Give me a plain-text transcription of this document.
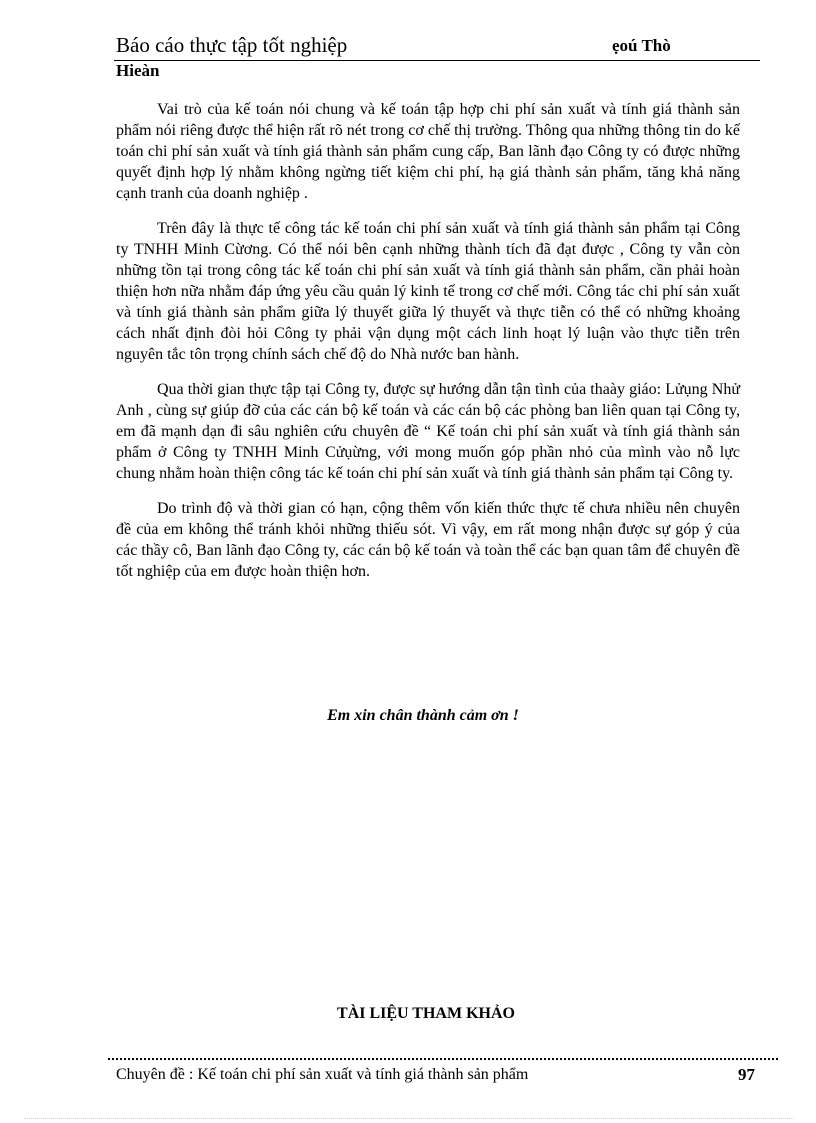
Báo cáo thực tập tốt nghiệp	ẹoú Thò
Hieàn

Vai trò của kế toán nói chung và kế toán tập hợp chi phí sản xuất và tính giá thành sản phẩm nói riêng được thể hiện rất rõ nét trong cơ chế thị trường. Thông qua những thông tin do kế toán chi phí sản xuất và tính giá thành sản phẩm cung cấp, Ban lãnh đạo Công ty có được những quyết định hợp lý nhằm không ngừng tiết kiệm chi phí, hạ giá thành sản phẩm, tăng khả năng cạnh tranh của doanh nghiệp .

Trên đây là thực tế công tác kế toán chi phí sản xuất và tính giá thành sản phẩm tại Công ty TNHH Minh Cừơng. Có thể nói bên cạnh những thành tích đã đạt được , Công ty vẫn còn những tồn tại trong công tác kế toán chi phí sản xuất và tính giá thành sản phẩm, cần phải hoàn thiện hơn nữa nhằm đáp ứng yêu cầu quản lý kinh tế trong cơ chế mới. Công tác chi phí sản xuất và tính giá thành sản phẩm giữa lý thuyết giữa lý thuyết và thực tiễn có thể có những khoảng cách nhất định đòi hỏi Công ty phải vận dụng một cách linh hoạt lý luận vào thực tiễn trên nguyên tắc tôn trọng chính sách chế độ do Nhà nước ban hành.

Qua thời gian thực tập tại Công ty, được sự hướng dẫn tận tình của thaày giáo: Lửụng Nhử Anh , cùng sự giúp đỡ của các cán bộ kế toán và các cán bộ các phòng ban liên quan tại Công ty, em đã mạnh dạn đi sâu nghiên cứu chuyên đề “ Kế toán chi phí sản xuất và tính giá thành sản phẩm ở Công ty TNHH Minh Cửụừng, với mong muốn góp phần nhỏ của mình vào nỗ lực chung nhằm hoàn thiện công tác kế toán chi phí sản xuất và tính giá thành sản phẩm tại Công ty.

Do trình độ và thời gian có hạn, cộng thêm vốn kiến thức thực tế chưa nhiều nên chuyên đề của em không thể tránh khỏi những thiếu sót. Vì vậy, em rất mong nhận được sự góp ý của các thầy cô, Ban lãnh đạo Công ty, các cán bộ kế toán và toàn thể các bạn quan tâm để chuyên đề tốt nghiệp của em được hoàn thiện hơn.

Em xin chân thành cảm ơn !
TÀI LIỆU THAM KHẢO
Chuyên đề : Kế toán chi phí sản xuất và tính giá thành sản phẩm	97
